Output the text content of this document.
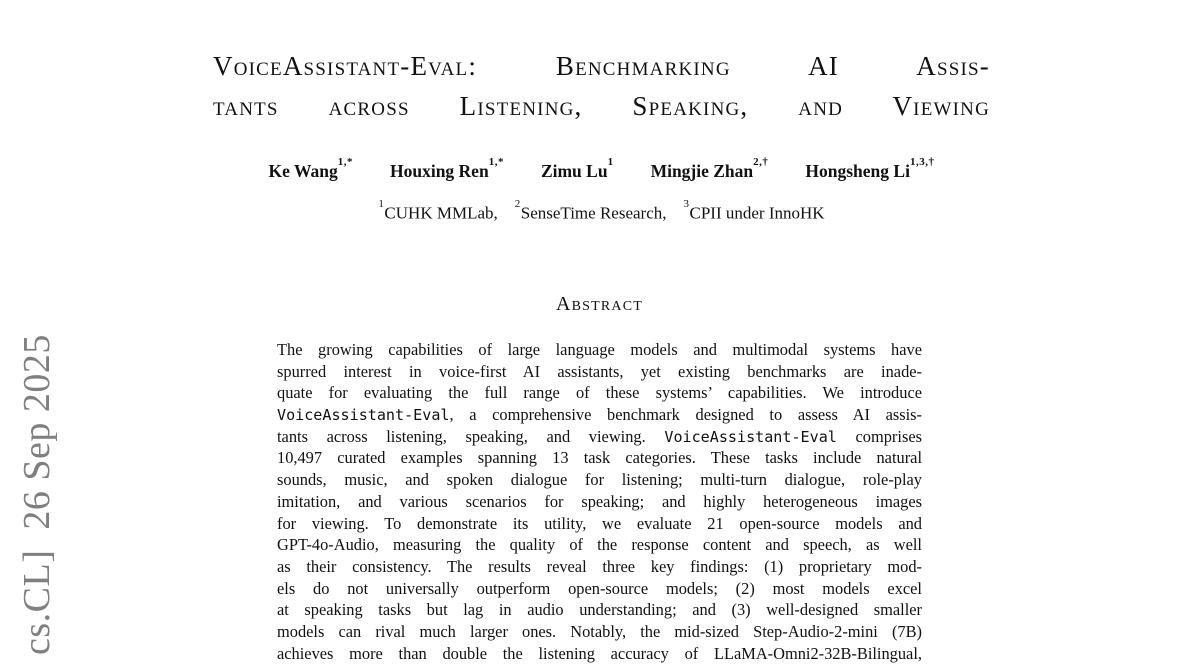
cs.CL]  26 Sep 2025
VoiceAssistant-Eval: Benchmarking AI Assis-
tants across Listening, Speaking, and Viewing
Ke Wang$^{1,*}$ Houxing Ren$^{1,*}$ Zimu Lu$^1$ Mingjie Zhan$^{2,\dagger}$ Hongsheng $Li^{1,3,\dagger}$
$^1$CUHK MMLab, $^2$SenseTime Research, $^3$CPII under InnoHK
Abstract
The growing capabilities of large language models and multimodal systems have
spurred interest in voice-first AI assistants, yet existing benchmarks are inade-
quate for evaluating the full range of these systems’ capabilities. We introduce
VoiceAssistant-Eval, a comprehensive benchmark designed to assess AI assis-
tants across listening, speaking, and viewing. VoiceAssistant-Eval comprises
10,497 curated examples spanning 13 task categories. These tasks include natural
sounds, music, and spoken dialogue for listening; multi-turn dialogue, role-play
imitation, and various scenarios for speaking; and highly heterogeneous images
for viewing. To demonstrate its utility, we evaluate 21 open-source models and
GPT-4o-Audio, measuring the quality of the response content and speech, as well
as their consistency. The results reveal three key findings: (1) proprietary mod-
els do not universally outperform open-source models; (2) most models excel
at speaking tasks but lag in audio understanding; and (3) well-designed smaller
models can rival much larger ones. Notably, the mid-sized Step-Audio-2-mini (7B)
achieves more than double the listening accuracy of LLaMA-Omni2-32B-Bilingual,
